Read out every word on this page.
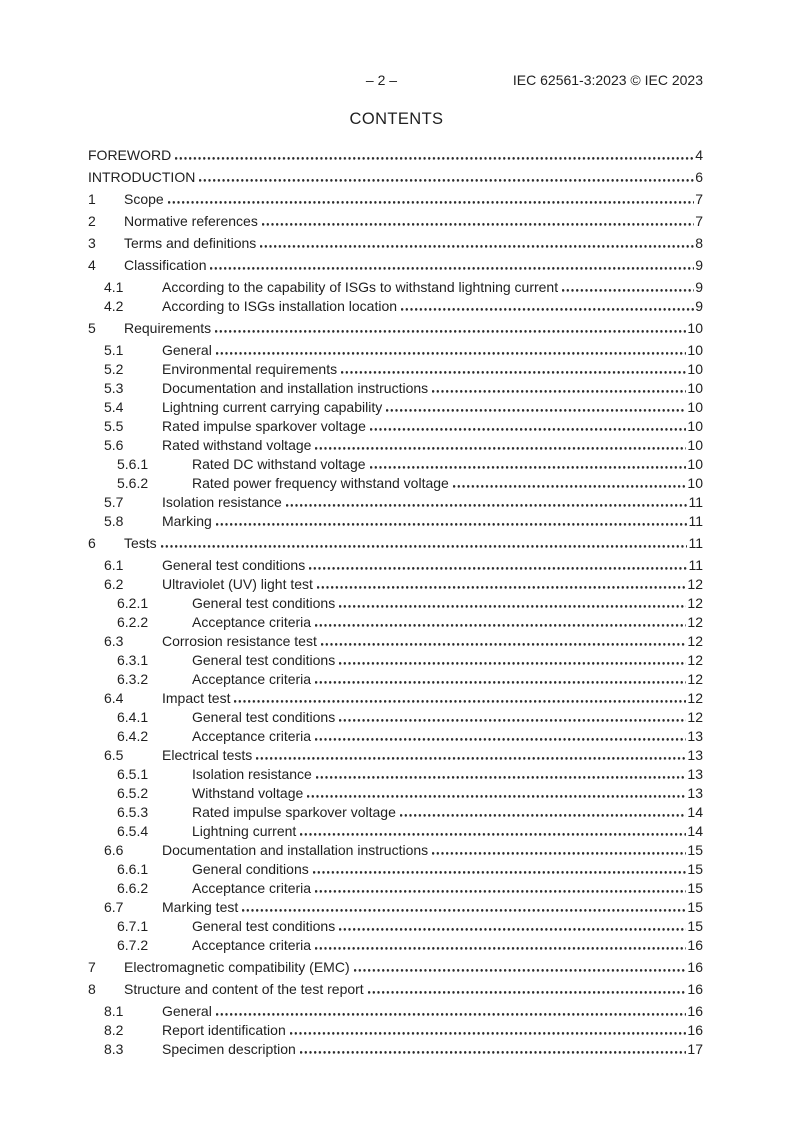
– 2 –	IEC 62561-3:2023 © IEC 2023
CONTENTS
FOREWORD	4
INTRODUCTION	6
1	Scope	7
2	Normative references	7
3	Terms and definitions	8
4	Classification	9
4.1	According to the capability of ISGs to withstand lightning current	9
4.2	According to ISGs installation location	9
5	Requirements	10
5.1	General	10
5.2	Environmental requirements	10
5.3	Documentation and installation instructions	10
5.4	Lightning current carrying capability	10
5.5	Rated impulse sparkover voltage	10
5.6	Rated withstand voltage	10
5.6.1	Rated DC withstand voltage	10
5.6.2	Rated power frequency withstand voltage	10
5.7	Isolation resistance	11
5.8	Marking	11
6	Tests	11
6.1	General test conditions	11
6.2	Ultraviolet (UV) light test	12
6.2.1	General test conditions	12
6.2.2	Acceptance criteria	12
6.3	Corrosion resistance test	12
6.3.1	General test conditions	12
6.3.2	Acceptance criteria	12
6.4	Impact test	12
6.4.1	General test conditions	12
6.4.2	Acceptance criteria	13
6.5	Electrical tests	13
6.5.1	Isolation resistance	13
6.5.2	Withstand voltage	13
6.5.3	Rated impulse sparkover voltage	14
6.5.4	Lightning current	14
6.6	Documentation and installation instructions	15
6.6.1	General conditions	15
6.6.2	Acceptance criteria	15
6.7	Marking test	15
6.7.1	General test conditions	15
6.7.2	Acceptance criteria	16
7	Electromagnetic compatibility (EMC)	16
8	Structure and content of the test report	16
8.1	General	16
8.2	Report identification	16
8.3	Specimen description	17
